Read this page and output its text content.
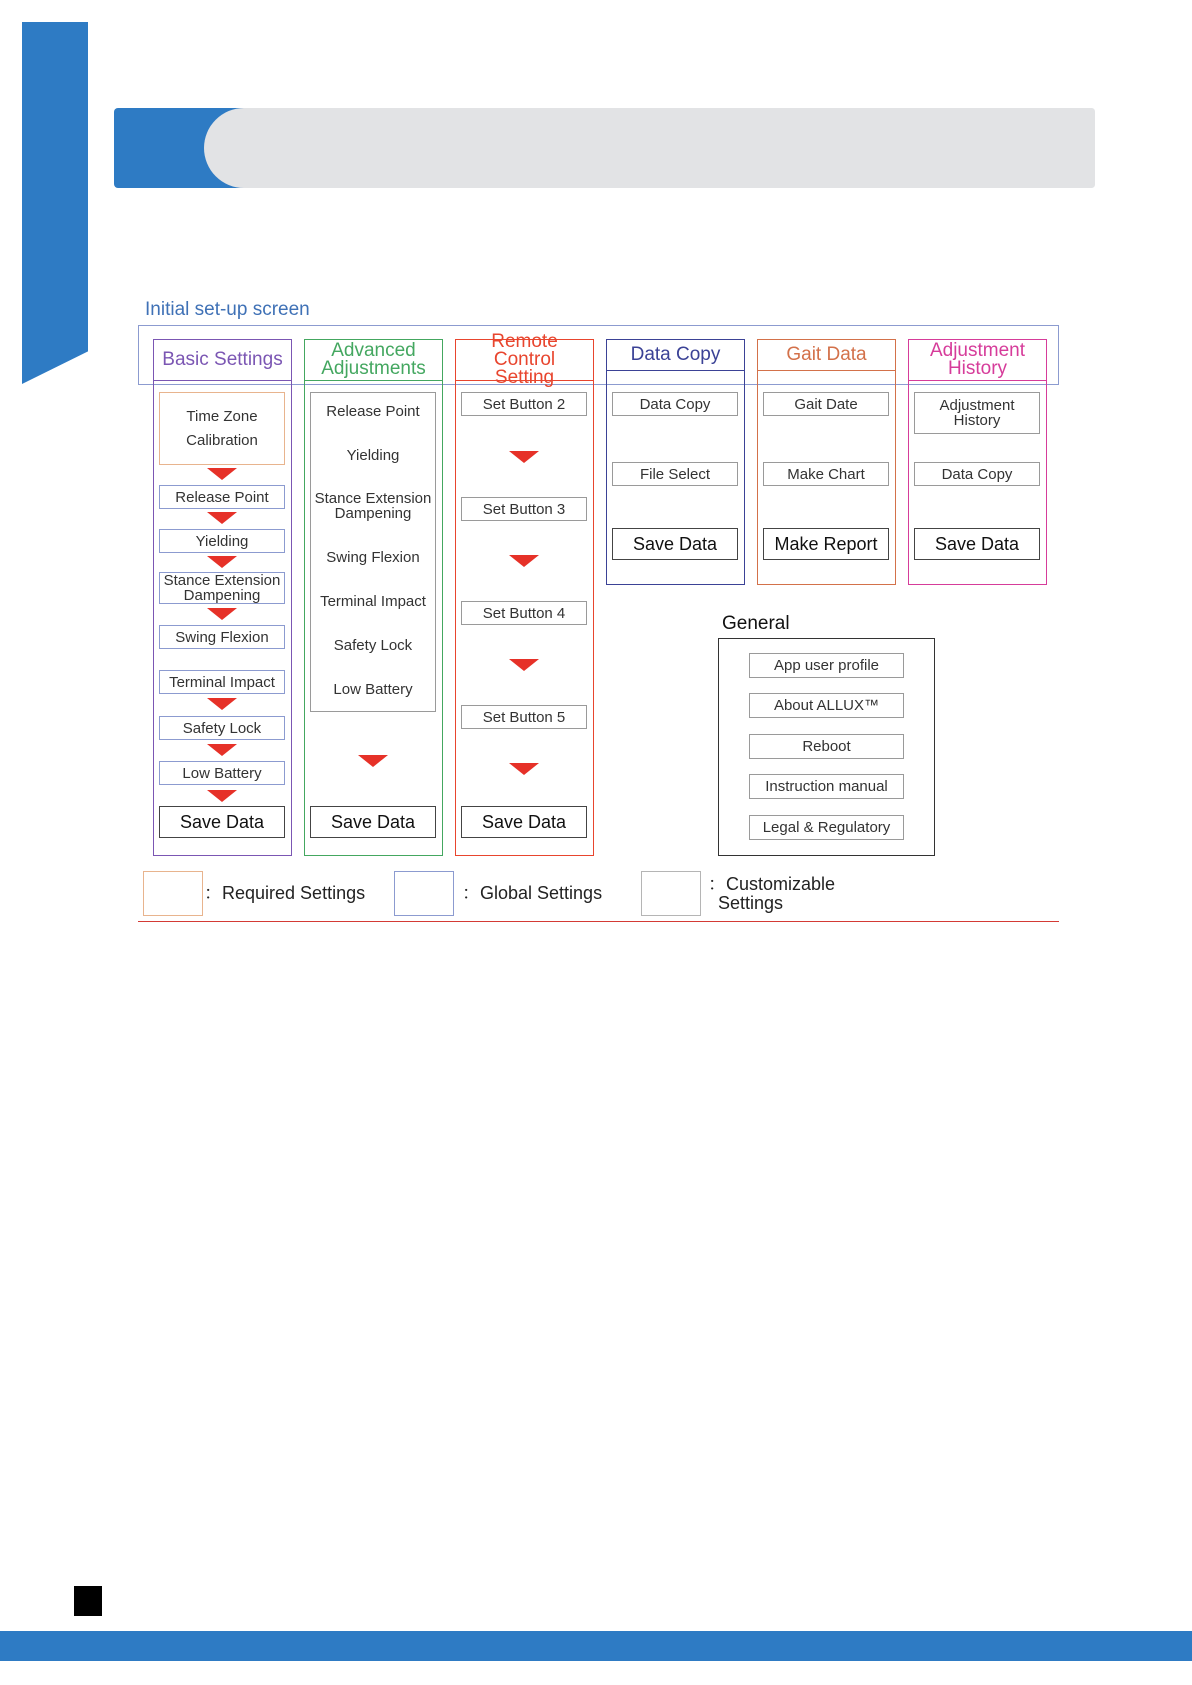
Initial set-up screen
Basic Settings
Time Zone
Calibration
Release Point
Yielding
Stance Extension Dampening
Swing Flexion
Terminal Impact
Safety Lock
Low Battery
Save Data
Advanced Adjustments
Release Point
Yielding
Stance Extension Dampening
Swing Flexion
Terminal Impact
Safety Lock
Low Battery
Save Data
Remote Control Setting
Set Button 2
Set Button 3
Set Button 4
Set Button 5
Save Data
Data Copy
Data Copy
File Select
Save Data
Gait Data
Gait Date
Make Chart
Make Report
Adjustment History
Adjustment History
Data Copy
Save Data
General
App user profile
About ALLUX™
Reboot
Instruction manual
Legal & Regulatory
：Required Settings	：Global Settings	：Customizable
Settings
